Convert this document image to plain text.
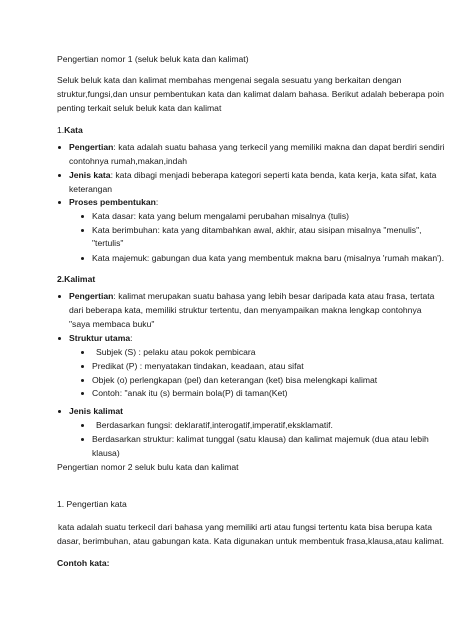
Pengertian nomor 1 (seluk beluk kata dan kalimat)
Seluk beluk kata dan kalimat membahas mengenai segala sesuatu yang berkaitan dengan
struktur,fungsi,dan unsur pembentukan kata dan kalimat dalam bahasa. Berikut adalah beberapa poin
penting terkait seluk beluk kata dan kalimat
1.Kata
Pengertian: kata adalah suatu bahasa yang terkecil yang memiliki makna dan dapat berdiri sendiri
contohnya rumah,makan,indah
Jenis kata: kata dibagi menjadi beberapa kategori seperti kata benda, kata kerja, kata sifat, kata
keterangan
Proses pembentukan:
Kata dasar: kata yang belum mengalami perubahan misalnya (tulis)
Kata berimbuhan: kata yang ditambahkan awal, akhir, atau sisipan misalnya "menulis",
"tertulis"
Kata majemuk: gabungan dua kata yang membentuk makna baru (misalnya 'rumah makan').
2.Kalimat
Pengertian: kalimat merupakan suatu bahasa yang lebih besar daripada kata atau frasa, tertata
dari beberapa kata, memiliki struktur tertentu, dan menyampaikan makna lengkap contohnya
"saya membaca buku"
Struktur utama:
Subjek (S) : pelaku atau pokok pembicara
Predikat (P) : menyatakan tindakan, keadaan, atau sifat
Objek (o) perlengkapan (pel) dan keterangan (ket) bisa melengkapi kalimat
Contoh: "anak itu (s) bermain bola(P) di taman(Ket)
Jenis kalimat
Berdasarkan fungsi: deklaratif,interogatif,imperatif,eksklamatif.
Berdasarkan struktur: kalimat tunggal (satu klausa) dan kalimat majemuk (dua atau lebih
klausa)
Pengertian nomor 2 seluk bulu kata dan kalimat
1. Pengertian kata
kata adalah suatu terkecil dari bahasa yang memiliki arti atau fungsi tertentu kata bisa berupa kata
dasar, berimbuhan, atau gabungan kata. Kata digunakan untuk membentuk frasa,klausa,atau kalimat.
Contoh kata:
